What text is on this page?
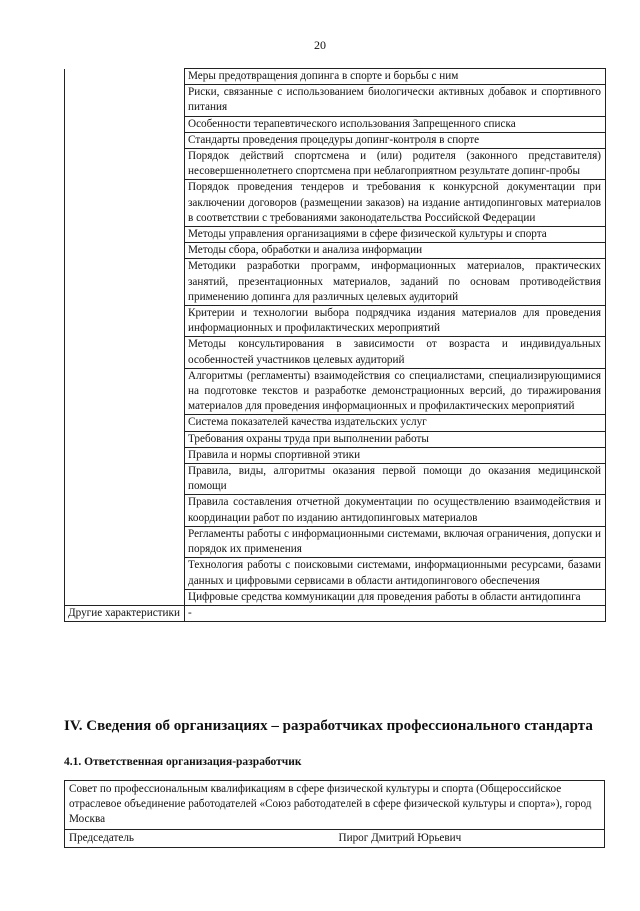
20
	Меры предотвращения допинга в спорте и борьбы с ним
	Риски, связанные с использованием биологически активных добавок и спортивного питания
	Особенности терапевтического использования Запрещенного списка
	Стандарты проведения процедуры допинг-контроля в спорте
	Порядок действий спортсмена и (или) родителя (законного представителя) несовершеннолетнего спортсмена при неблагоприятном результате допинг-пробы
	Порядок проведения тендеров и требования к конкурсной документации при заключении договоров (размещении заказов) на издание антидопинговых материалов в соответствии с требованиями законодательства Российской Федерации
	Методы управления организациями в сфере физической культуры и спорта
	Методы сбора, обработки и анализа информации
	Методики разработки программ, информационных материалов, практических занятий, презентационных материалов, заданий по основам противодействия применению допинга для различных целевых аудиторий
	Критерии и технологии выбора подрядчика издания материалов для проведения информационных и профилактических мероприятий
	Методы консультирования в зависимости от возраста и индивидуальных особенностей участников целевых аудиторий
	Алгоритмы (регламенты) взаимодействия со специалистами, специализирующимися на подготовке текстов и разработке демонстрационных версий, до тиражирования материалов для проведения информационных и профилактических мероприятий
	Система показателей качества издательских услуг
	Требования охраны труда при выполнении работы
	Правила и нормы спортивной этики
	Правила, виды, алгоритмы оказания первой помощи до оказания медицинской помощи
	Правила составления отчетной документации по осуществлению взаимодействия и координации работ по изданию антидопинговых материалов
	Регламенты работы с информационными системами, включая ограничения, допуски и порядок их применения
	Технология работы с поисковыми системами, информационными ресурсами, базами данных и цифровыми сервисами в области антидопингового обеспечения
	Цифровые средства коммуникации для проведения работы в области антидопинга
Другие характеристики	-
IV. Сведения об организациях – разработчиках профессионального стандарта
4.1. Ответственная организация-разработчик
Совет по профессиональным квалификациям в сфере физической культуры и спорта (Общероссийское отраслевое объединение работодателей «Союз работодателей в сфере физической культуры и спорта»), город Москва
Председатель	Пирог Дмитрий Юрьевич
